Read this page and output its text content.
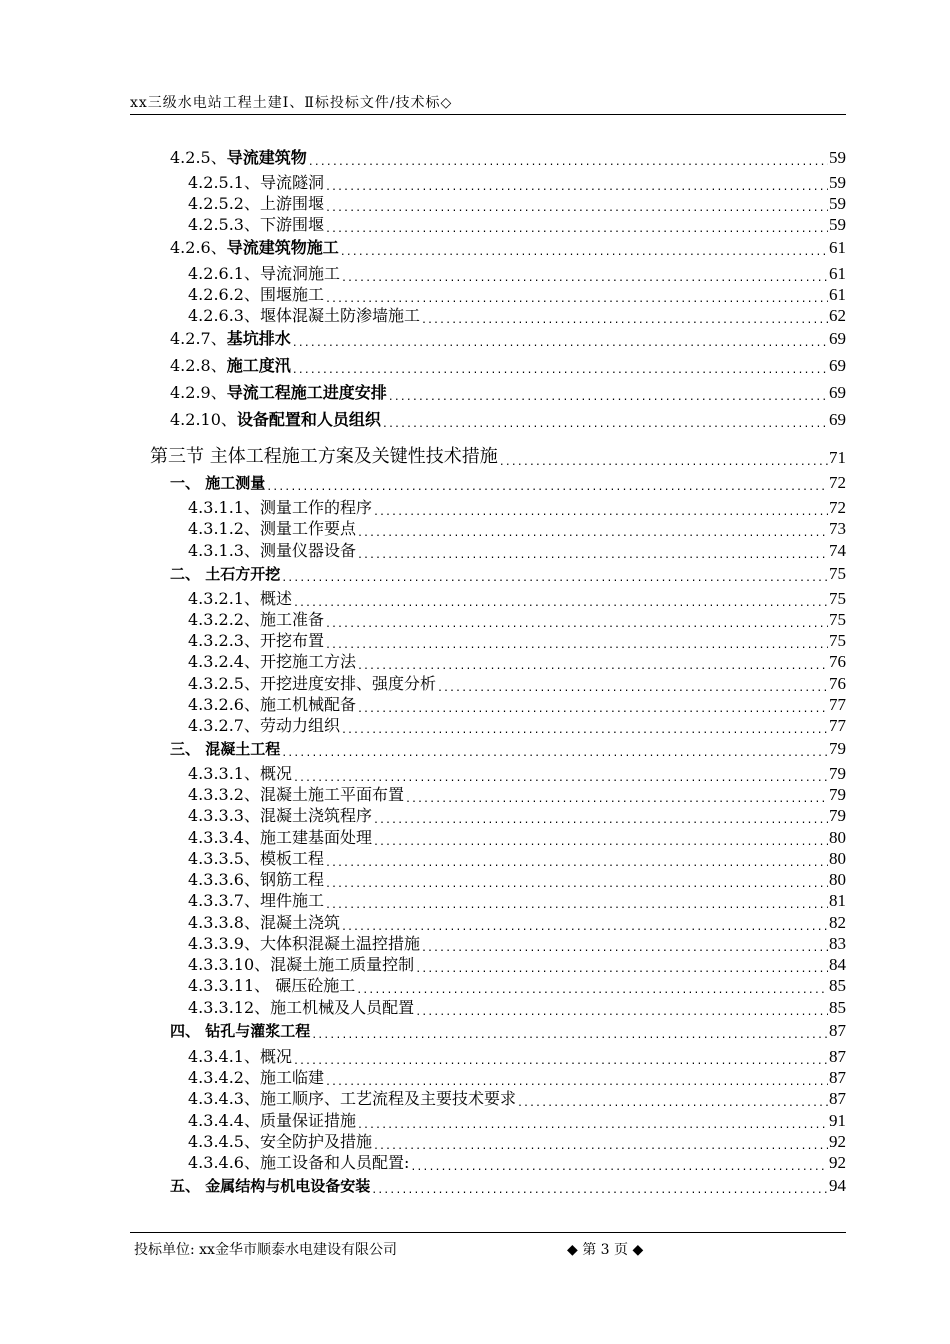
xx三级水电站工程土建Ⅰ、Ⅱ标投标文件/技术标◇
4.2.5、导流建筑物 .....	59
4.2.5.1、导流隧洞 .....	59
4.2.5.2、上游围堰 .....	59
4.2.5.3、下游围堰 .....	59
4.2.6、导流建筑物施工 .....	61
4.2.6.1、导流洞施工 .....	61
4.2.6.2、围堰施工 .....	61
4.2.6.3、堰体混凝土防渗墙施工 .....	62
4.2.7、基坑排水 .....	69
4.2.8、施工度汛 .....	69
4.2.9、导流工程施工进度安排 .....	69
4.2.10、设备配置和人员组织 .....	69
第三节 主体工程施工方案及关键性技术措施 .....	71
一、 施工测量 .....	72
4.3.1.1、测量工作的程序 .....	72
4.3.1.2、测量工作要点 .....	73
4.3.1.3、测量仪器设备 .....	74
二、 土石方开挖 .....	75
4.3.2.1、概述 .....	75
4.3.2.2、施工准备 .....	75
4.3.2.3、开挖布置 .....	75
4.3.2.4、开挖施工方法 .....	76
4.3.2.5、开挖进度安排、强度分析 .....	76
4.3.2.6、施工机械配备 .....	77
4.3.2.7、劳动力组织 .....	77
三、 混凝土工程 .....	79
4.3.3.1、概况 .....	79
4.3.3.2、混凝土施工平面布置 .....	79
4.3.3.3、混凝土浇筑程序 .....	79
4.3.3.4、施工建基面处理 .....	80
4.3.3.5、模板工程 .....	80
4.3.3.6、钢筋工程 .....	80
4.3.3.7、埋件施工 .....	81
4.3.3.8、混凝土浇筑 .....	82
4.3.3.9、大体积混凝土温控措施 .....	83
4.3.3.10、混凝土施工质量控制 .....	84
4.3.3.11、 碾压砼施工 .....	85
4.3.3.12、施工机械及人员配置 .....	85
四、 钻孔与灌浆工程 .....	87
4.3.4.1、概况 .....	87
4.3.4.2、施工临建 .....	87
4.3.4.3、施工顺序、工艺流程及主要技术要求 .....	87
4.3.4.4、质量保证措施 .....	91
4.3.4.5、安全防护及措施 .....	92
4.3.4.6、施工设备和人员配置: .....	92
五、 金属结构与机电设备安装 .....	94
投标单位: xx金华市顺泰水电建设有限公司	◆ 第 3 页 ◆
